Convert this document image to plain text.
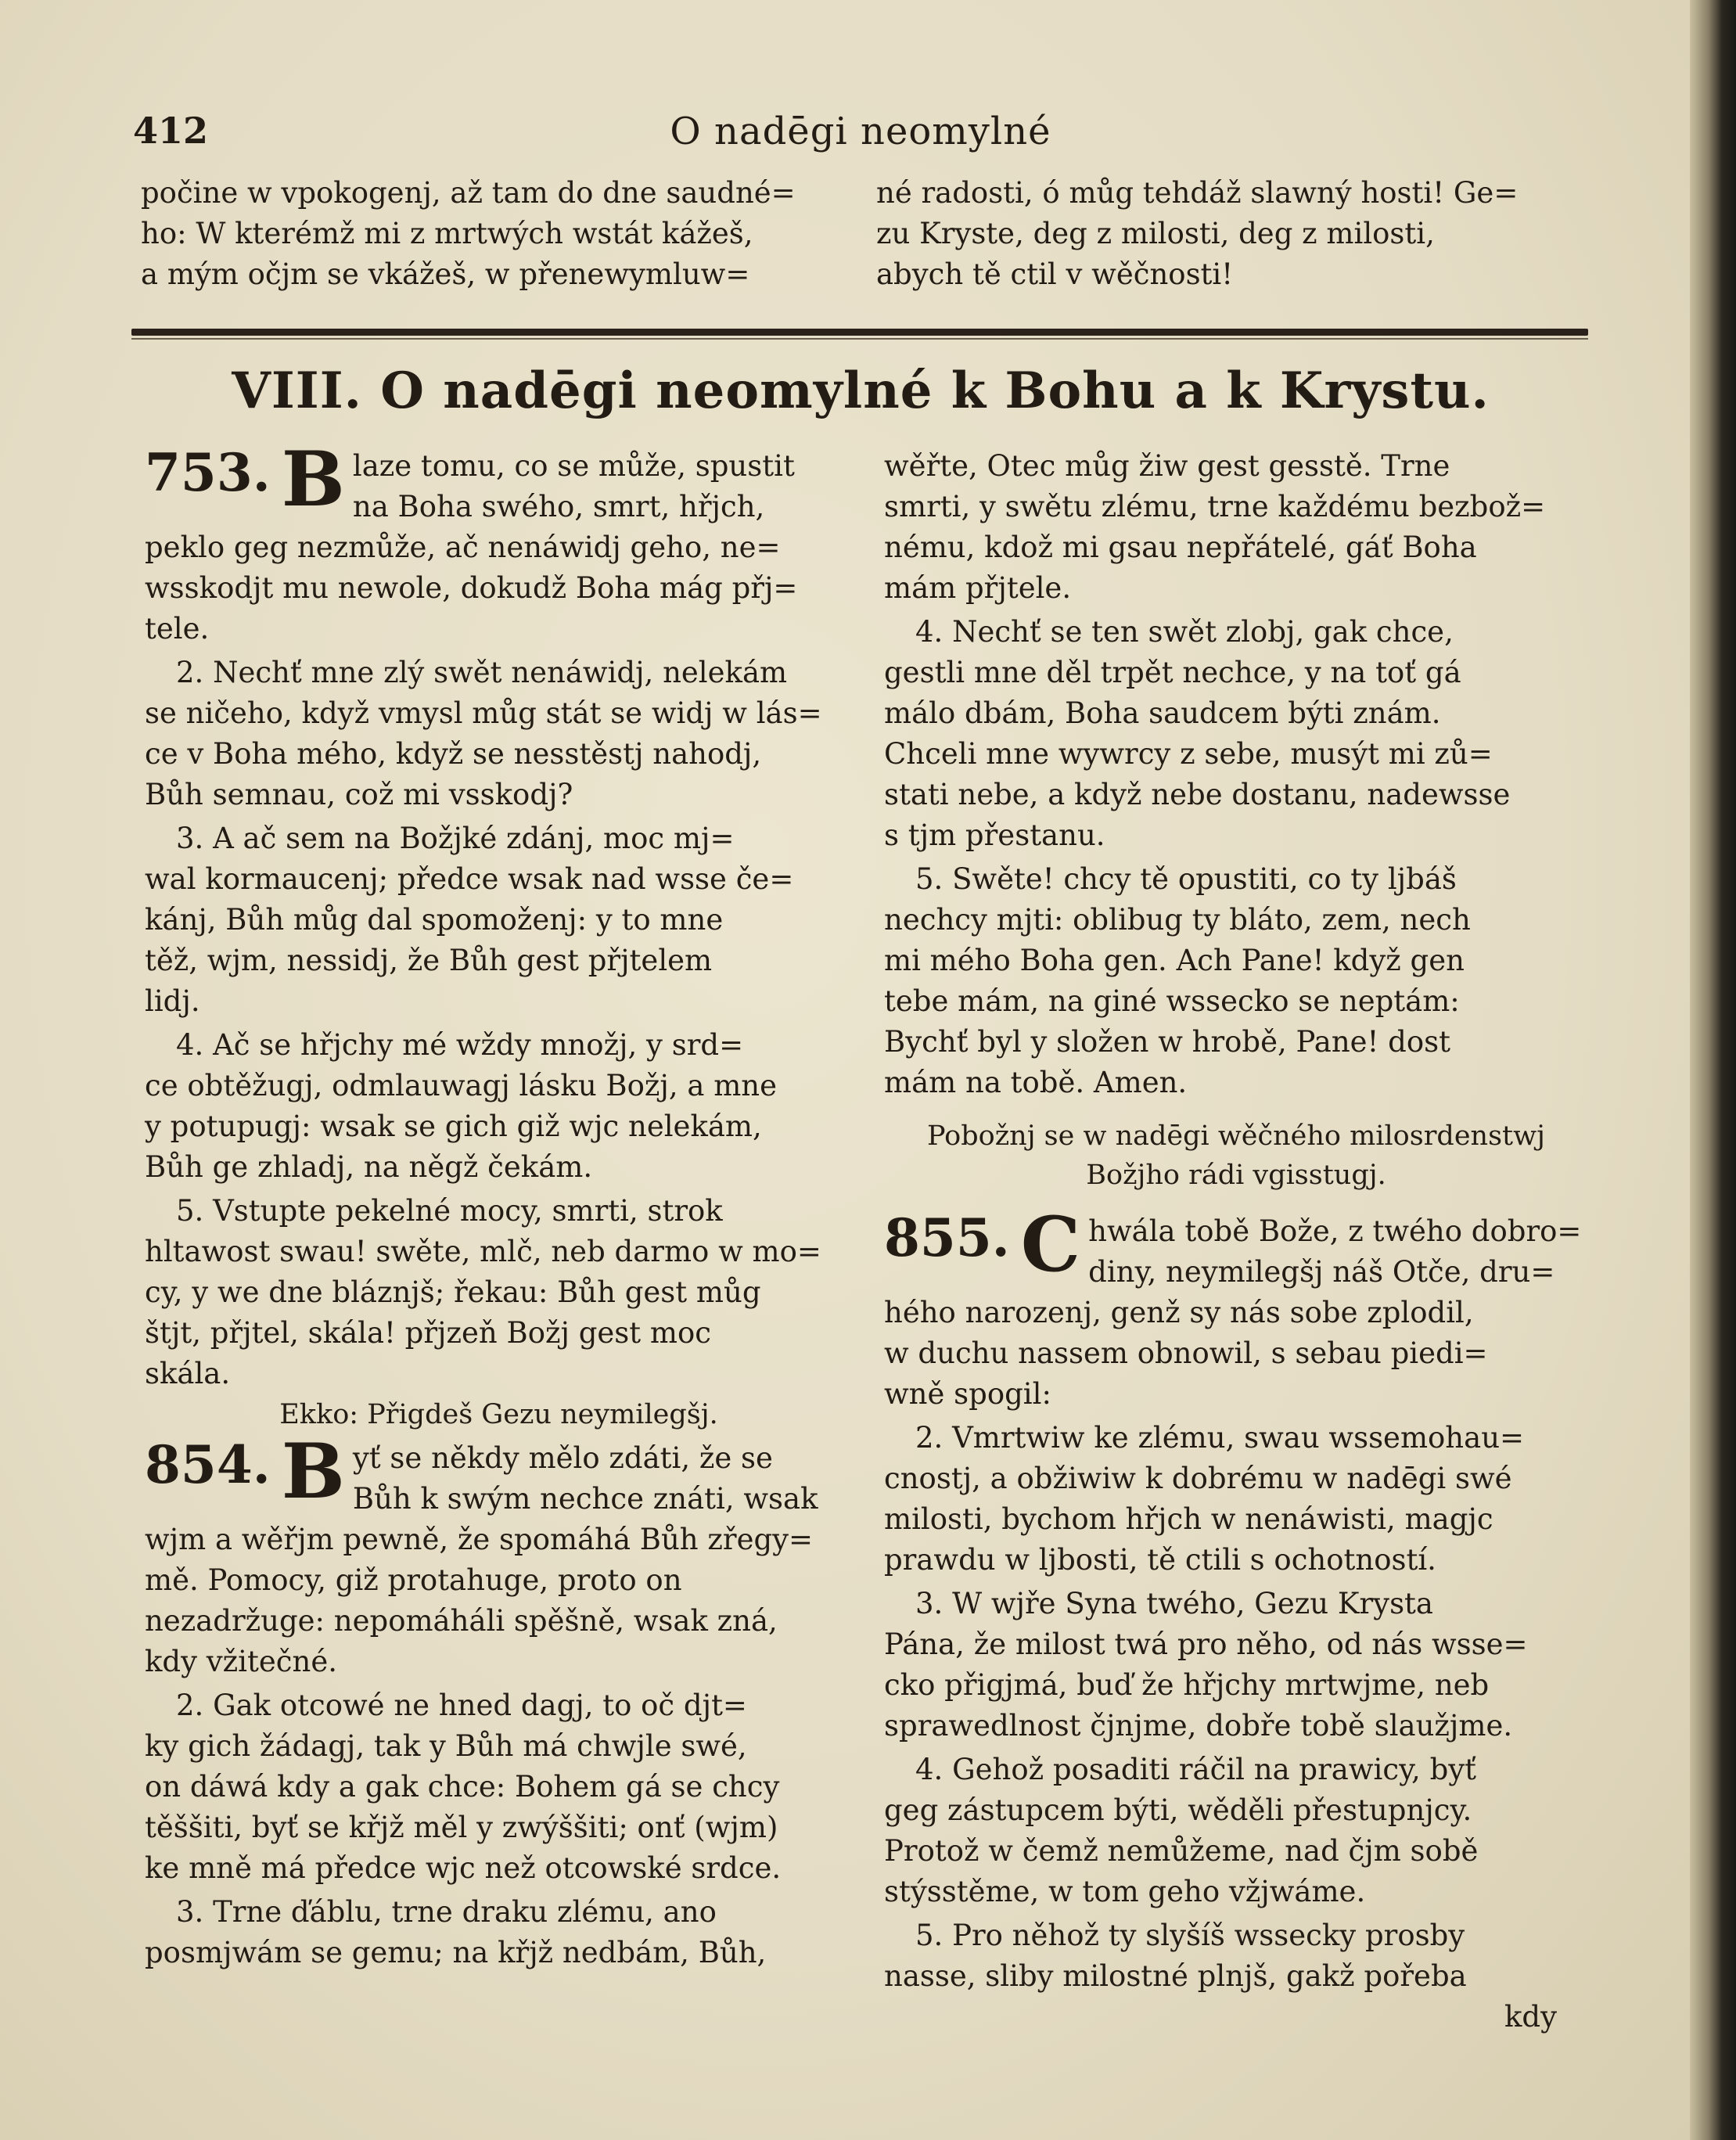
412	O nadēgi neomylné

počine w vpokogenj, až tam do dne saudné=

ho: W kterémž mi z mrtwých wstát kážeš,

a mým očjm se vkážeš, w přenewymluw=

né radosti, ó můg tehdáž slawný hosti! Ge=

zu Kryste, deg z milosti, deg z milosti,

abych tě ctil v wěčnosti!

VIII. O nadēgi neomylné k Bohu a k Krystu.
753. B laze tomu, co se může, spustit

na Boha swého, smrt, hřjch,

peklo geg nezmůže, ač nenáwidj geho, ne=

wsskodjt mu newole, dokudž Boha mág přj=

tele.

2. Nechť mne zlý swět nenáwidj, nelekám

se ničeho, když vmysl můg stát se widj w lás=

ce v Boha mého, když se nesstěstj nahodj,

Bůh semnau, což mi vsskodj?

3. A ač sem na Božjké zdánj, moc mj=

wal kormaucenj; předce wsak nad wsse če=

kánj, Bůh můg dal spomoženj: y to mne

těž, wjm, nessidj, že Bůh gest přjtelem

lidj.

4. Ač se hřjchy mé wždy množj, y srd=

ce obtěžugj, odmlauwagj lásku Božj, a mne

y potupugj: wsak se gich giž wjc nelekám,

Bůh ge zhladj, na něgž čekám.

5. Vstupte pekelné mocy, smrti, strok

hltawost swau! swěte, mlč, neb darmo w mo=

cy, y we dne bláznjš; řekau: Bůh gest můg

štjt, přjtel, skála! přjzeň Božj gest moc

skála.

Ekko: Přigdeš Gezu neymilegšj.

854. B yť se někdy mělo zdáti, že se

Bůh k swým nechce znáti, wsak

wjm a wěřjm pewně, že spomáhá Bůh zřegy=

mě. Pomocy, giž protahuge, proto on

nezadržuge: nepomáháli spěšně, wsak zná,

kdy vžitečné.

2. Gak otcowé ne hned dagj, to oč djt=

ky gich žádagj, tak y Bůh má chwjle swé,

on dáwá kdy a gak chce: Bohem gá se chcy

těššiti, byť se křjž měl y zwýššiti; onť (wjm)

ke mně má předce wjc než otcowské srdce.

3. Trne ďáblu, trne draku zlému, ano

posmjwám se gemu; na křjž nedbám, Bůh,

wěřte, Otec můg žiw gest gesstě. Trne

smrti, y swětu zlému, trne každému bezbož=

nému, kdož mi gsau nepřátelé, gáť Boha

mám přjtele.

4. Nechť se ten swět zlobj, gak chce,

gestli mne děl trpět nechce, y na toť gá

málo dbám, Boha saudcem býti znám.

Chceli mne wywrcy z sebe, musýt mi zů=

stati nebe, a když nebe dostanu, nadewsse

s tjm přestanu.

5. Swěte! chcy tě opustiti, co ty ljbáš

nechcy mjti: oblibug ty bláto, zem, nech

mi mého Boha gen. Ach Pane! když gen

tebe mám, na giné wssecko se neptám:

Bychť byl y složen w hrobě, Pane! dost

mám na tobě. Amen.

Pobožnj se w nadēgi wěčného milosrdenstwj
Božjho rádi vgisstugj.
855. C hwála tobě Bože, z twého dobro=

diny, neymilegšj náš Otče, dru=

hého narozenj, genž sy nás sobe zplodil,

w duchu nassem obnowil, s sebau piedi=

wně spogil:

2. Vmrtwiw ke zlému, swau wssemohau=

cnostj, a obžiwiw k dobrému w nadēgi swé

milosti, bychom hřjch w nenáwisti, magjc

prawdu w ljbosti, tě ctili s ochotností.

3. W wjře Syna twého, Gezu Krysta

Pána, že milost twá pro něho, od nás wsse=

cko přigjmá, buď že hřjchy mrtwjme, neb

sprawedlnost čjnjme, dobře tobě slaužjme.

4. Gehož posaditi ráčil na prawicy, byť

geg zástupcem býti, wěděli přestupnjcy.

Protož w čemž nemůžeme, nad čjm sobě

stýsstěme, w tom geho vžjwáme.

5. Pro něhož ty slyšíš wssecky prosby

nasse, sliby milostné plnjš, gakž pořeba

kdy
